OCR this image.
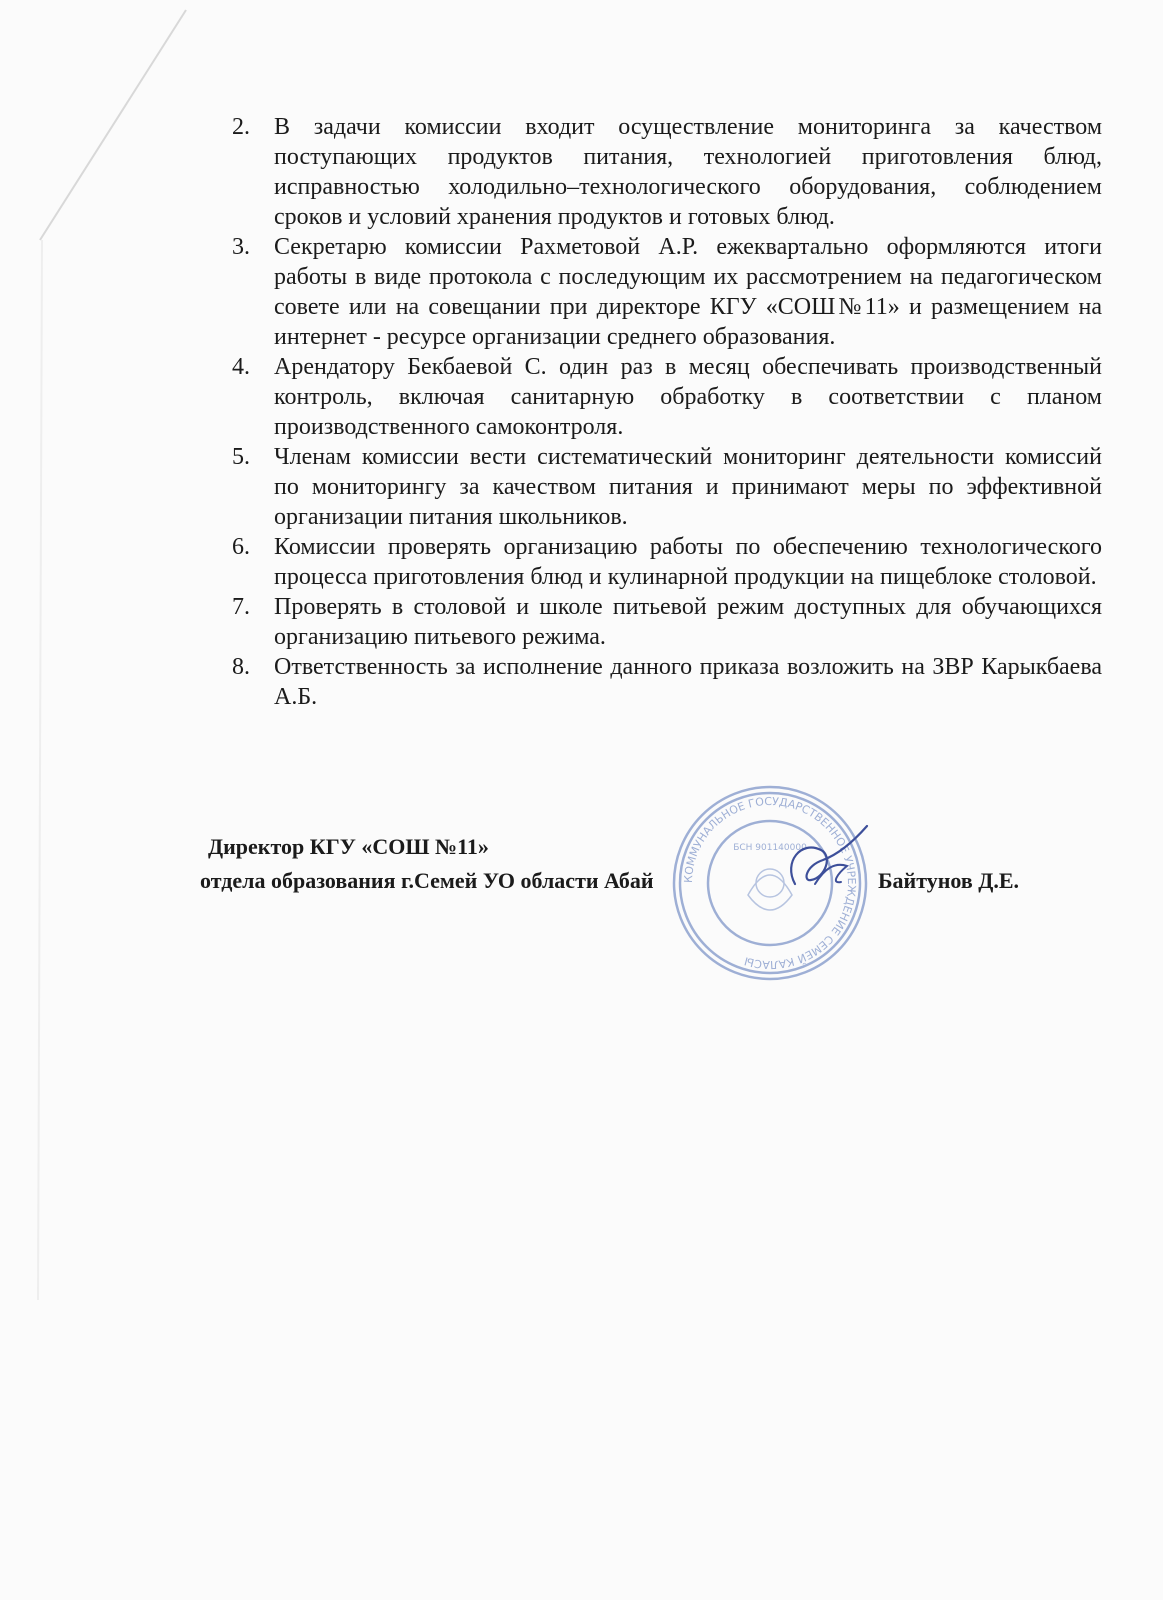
2.	В задачи комиссии входит осуществление мониторинга за качеством поступающих продуктов питания, технологией приготовления блюд, исправностью холодильно–технологического оборудования, соблюдением сроков и условий хранения продуктов и готовых блюд.
3.	Секретарю комиссии Рахметовой А.Р. ежеквартально оформляются итоги работы в виде протокола с последующим их рассмотрением на педагогическом совете или на совещании при директоре КГУ «СОШ№11» и размещением на интернет - ресурсе организации среднего образования.
4.	Арендатору Бекбаевой С. один раз в месяц обеспечивать производственный контроль, включая санитарную обработку в соответствии с планом производственного самоконтроля.
5.	Членам комиссии вести систематический мониторинг деятельности комиссий по мониторингу за качеством питания и принимают меры по эффективной организации питания школьников.
6.	Комиссии проверять организацию работы по обеспечению технологического процесса приготовления блюд и кулинарной продукции на пищеблоке столовой.
7.	Проверять в столовой и школе питьевой режим доступных для обучающихся организацию питьевого режима.
8.	Ответственность за исполнение данного приказа возложить на ЗВР Карыкбаева А.Б.
КОММУНАЛЬНОЕ ГОСУДАРСТВЕННОЕ УЧРЕЖДЕНИЕ СЕМЕЙ КАЛАСЫ
БСН 901140000
Директор КГУ «СОШ №11»
отдела образования г.Семей УО области Абай	Байтунов Д.Е.
